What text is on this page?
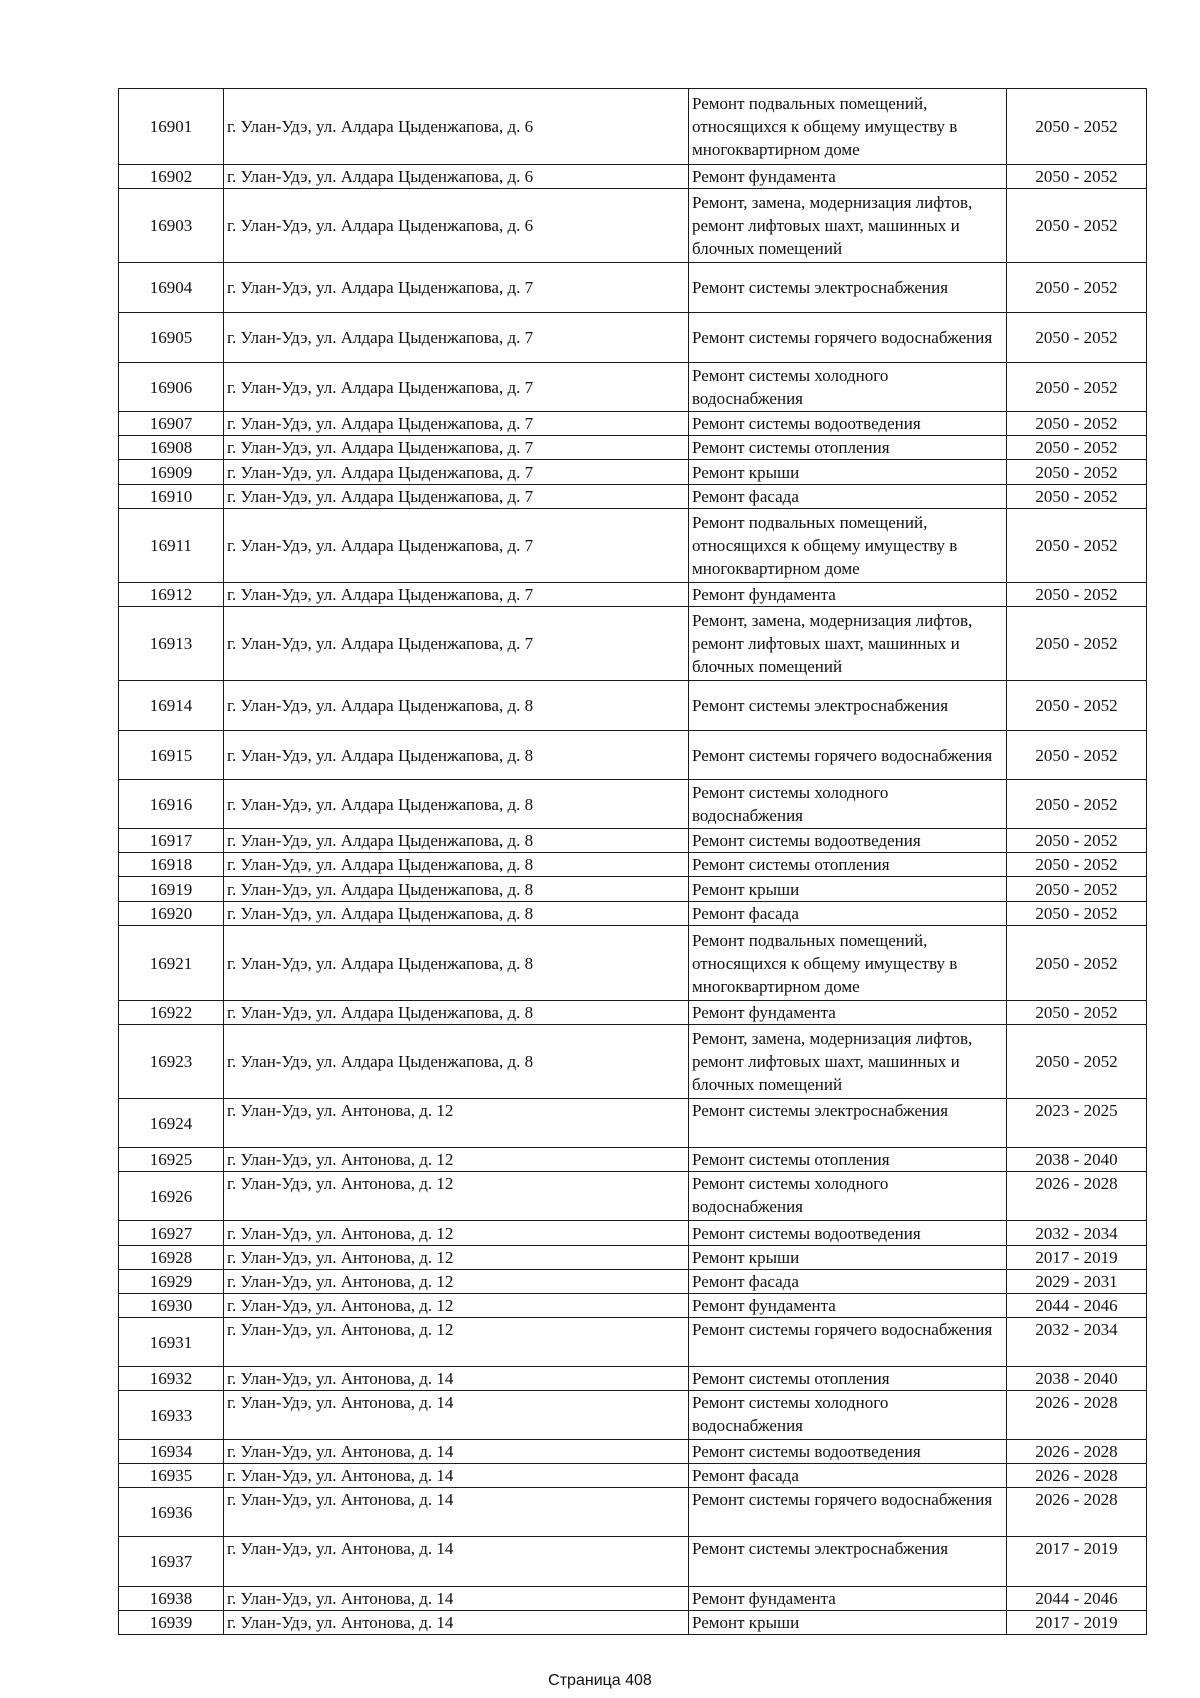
16901	г. Улан-Удэ, ул. Алдара Цыденжапова, д. 6	Ремонт подвальных помещений, относящихся к общему имуществу в многоквартирном доме	2050 - 2052
16902	г. Улан-Удэ, ул. Алдара Цыденжапова, д. 6	Ремонт фундамента	2050 - 2052
16903	г. Улан-Удэ, ул. Алдара Цыденжапова, д. 6	Ремонт, замена, модернизация лифтов, ремонт лифтовых шахт, машинных и блочных помещений	2050 - 2052
16904	г. Улан-Удэ, ул. Алдара Цыденжапова, д. 7	Ремонт системы электроснабжения	2050 - 2052
16905	г. Улан-Удэ, ул. Алдара Цыденжапова, д. 7	Ремонт системы горячего водоснабжения	2050 - 2052
16906	г. Улан-Удэ, ул. Алдара Цыденжапова, д. 7	Ремонт системы холодного водоснабжения	2050 - 2052
16907	г. Улан-Удэ, ул. Алдара Цыденжапова, д. 7	Ремонт системы водоотведения	2050 - 2052
16908	г. Улан-Удэ, ул. Алдара Цыденжапова, д. 7	Ремонт системы отопления	2050 - 2052
16909	г. Улан-Удэ, ул. Алдара Цыденжапова, д. 7	Ремонт крыши	2050 - 2052
16910	г. Улан-Удэ, ул. Алдара Цыденжапова, д. 7	Ремонт фасада	2050 - 2052
16911	г. Улан-Удэ, ул. Алдара Цыденжапова, д. 7	Ремонт подвальных помещений, относящихся к общему имуществу в многоквартирном доме	2050 - 2052
16912	г. Улан-Удэ, ул. Алдара Цыденжапова, д. 7	Ремонт фундамента	2050 - 2052
16913	г. Улан-Удэ, ул. Алдара Цыденжапова, д. 7	Ремонт, замена, модернизация лифтов, ремонт лифтовых шахт, машинных и блочных помещений	2050 - 2052
16914	г. Улан-Удэ, ул. Алдара Цыденжапова, д. 8	Ремонт системы электроснабжения	2050 - 2052
16915	г. Улан-Удэ, ул. Алдара Цыденжапова, д. 8	Ремонт системы горячего водоснабжения	2050 - 2052
16916	г. Улан-Удэ, ул. Алдара Цыденжапова, д. 8	Ремонт системы холодного водоснабжения	2050 - 2052
16917	г. Улан-Удэ, ул. Алдара Цыденжапова, д. 8	Ремонт системы водоотведения	2050 - 2052
16918	г. Улан-Удэ, ул. Алдара Цыденжапова, д. 8	Ремонт системы отопления	2050 - 2052
16919	г. Улан-Удэ, ул. Алдара Цыденжапова, д. 8	Ремонт крыши	2050 - 2052
16920	г. Улан-Удэ, ул. Алдара Цыденжапова, д. 8	Ремонт фасада	2050 - 2052
16921	г. Улан-Удэ, ул. Алдара Цыденжапова, д. 8	Ремонт подвальных помещений, относящихся к общему имуществу в многоквартирном доме	2050 - 2052
16922	г. Улан-Удэ, ул. Алдара Цыденжапова, д. 8	Ремонт фундамента	2050 - 2052
16923	г. Улан-Удэ, ул. Алдара Цыденжапова, д. 8	Ремонт, замена, модернизация лифтов, ремонт лифтовых шахт, машинных и блочных помещений	2050 - 2052
16924	г. Улан-Удэ, ул. Антонова, д. 12	Ремонт системы электроснабжения	2023 - 2025
16925	г. Улан-Удэ, ул. Антонова, д. 12	Ремонт системы отопления	2038 - 2040
16926	г. Улан-Удэ, ул. Антонова, д. 12	Ремонт системы холодного водоснабжения	2026 - 2028
16927	г. Улан-Удэ, ул. Антонова, д. 12	Ремонт системы водоотведения	2032 - 2034
16928	г. Улан-Удэ, ул. Антонова, д. 12	Ремонт крыши	2017 - 2019
16929	г. Улан-Удэ, ул. Антонова, д. 12	Ремонт фасада	2029 - 2031
16930	г. Улан-Удэ, ул. Антонова, д. 12	Ремонт фундамента	2044 - 2046
16931	г. Улан-Удэ, ул. Антонова, д. 12	Ремонт системы горячего водоснабжения	2032 - 2034
16932	г. Улан-Удэ, ул. Антонова, д. 14	Ремонт системы отопления	2038 - 2040
16933	г. Улан-Удэ, ул. Антонова, д. 14	Ремонт системы холодного водоснабжения	2026 - 2028
16934	г. Улан-Удэ, ул. Антонова, д. 14	Ремонт системы водоотведения	2026 - 2028
16935	г. Улан-Удэ, ул. Антонова, д. 14	Ремонт фасада	2026 - 2028
16936	г. Улан-Удэ, ул. Антонова, д. 14	Ремонт системы горячего водоснабжения	2026 - 2028
16937	г. Улан-Удэ, ул. Антонова, д. 14	Ремонт системы электроснабжения	2017 - 2019
16938	г. Улан-Удэ, ул. Антонова, д. 14	Ремонт фундамента	2044 - 2046
16939	г. Улан-Удэ, ул. Антонова, д. 14	Ремонт крыши	2017 - 2019
Страница 408
